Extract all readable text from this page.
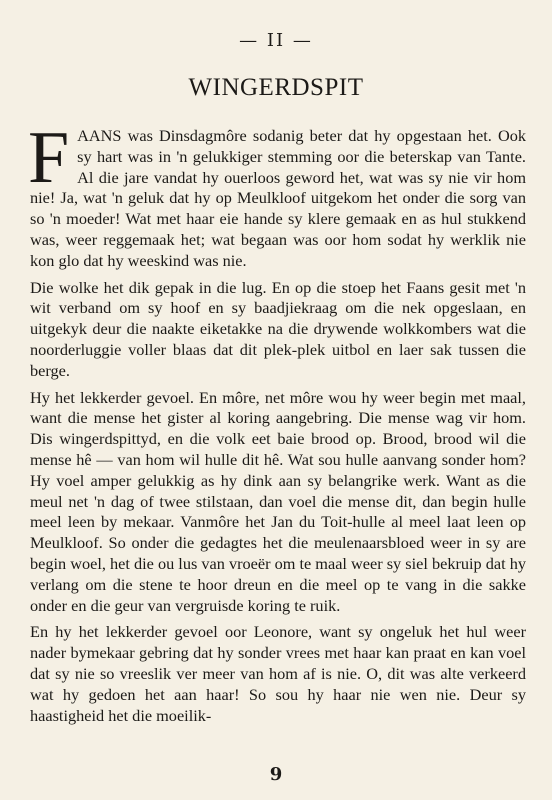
— II —
WINGERDSPIT

FAANS was Dinsdagmôre sodanig beter dat hy opgestaan het. Ook sy hart was in 'n gelukkiger stemming oor die beterskap van Tante. Al die jare vandat hy ouerloos geword het, wat was sy nie vir hom nie! Ja, wat 'n geluk dat hy op Meulkloof uitgekom het onder die sorg van so 'n moeder! Wat met haar eie hande sy klere gemaak en as hul stukkend was, weer reggemaak het; wat begaan was oor hom sodat hy werklik nie kon glo dat hy weeskind was nie.

Die wolke het dik gepak in die lug. En op die stoep het Faans gesit met 'n wit verband om sy hoof en sy baadjiekraag om die nek opgeslaan, en uitgekyk deur die naakte eiketakke na die drywende wolkkombers wat die noorderluggie voller blaas dat dit plek-plek uitbol en laer sak tussen die berge.

Hy het lekkerder gevoel. En môre, net môre wou hy weer begin met maal, want die mense het gister al koring aangebring. Die mense wag vir hom. Dis wingerdspittyd, en die volk eet baie brood op. Brood, brood wil die mense hê — van hom wil hulle dit hê. Wat sou hulle aanvang sonder hom? Hy voel amper gelukkig as hy dink aan sy belangrike werk. Want as die meul net 'n dag of twee stilstaan, dan voel die mense dit, dan begin hulle meel leen by mekaar. Vanmôre het Jan du Toit-hulle al meel laat leen op Meulkloof. So onder die gedagtes het die meulenaarsbloed weer in sy are begin woel, het die ou lus van vroeër om te maal weer sy siel bekruip dat hy verlang om die stene te hoor dreun en die meel op te vang in die sakke onder en die geur van vergruisde koring te ruik.

En hy het lekkerder gevoel oor Leonore, want sy ongeluk het hul weer nader bymekaar gebring dat hy sonder vrees met haar kan praat en kan voel dat sy nie so vreeslik ver meer van hom af is nie. O, dit was alte verkeerd wat hy gedoen het aan haar! So sou hy haar nie wen nie. Deur sy haastigheid het die moeilik-

9
